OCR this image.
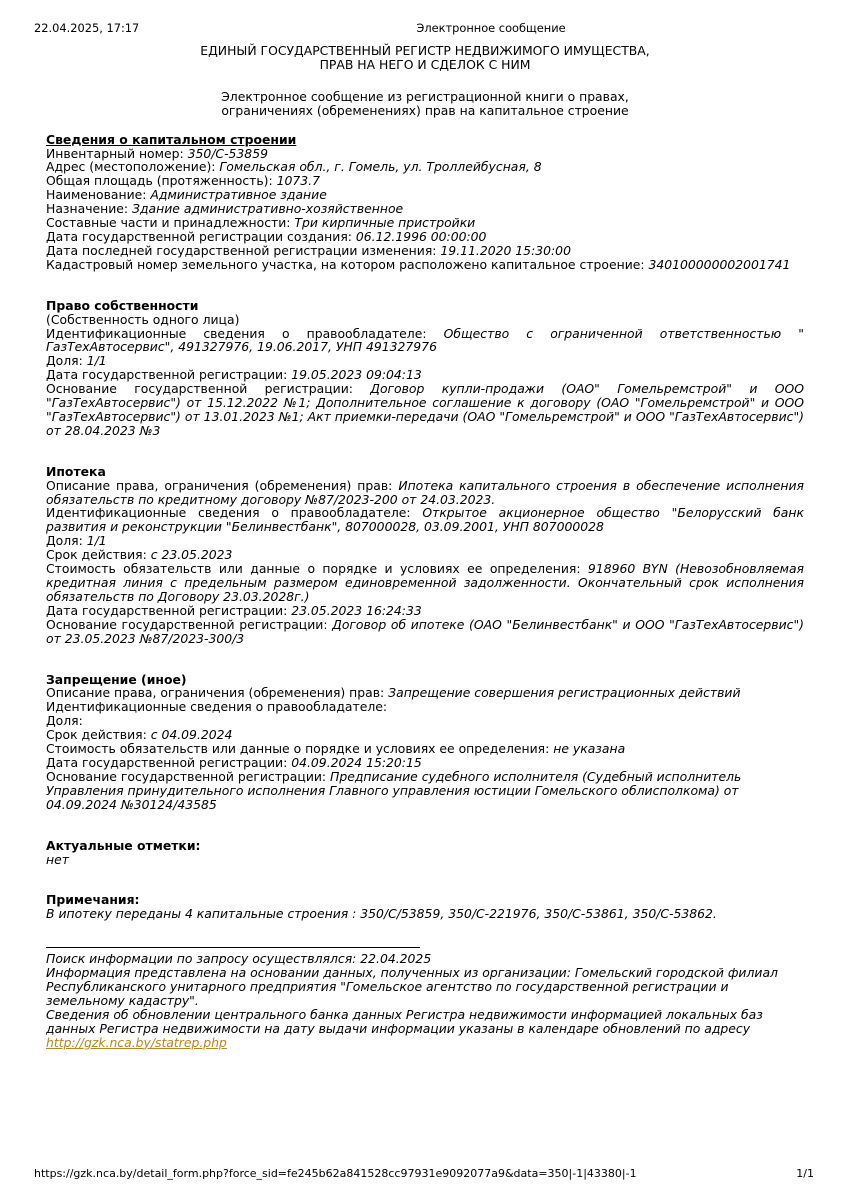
22.04.2025, 17:17	Электронное сообщение
ЕДИНЫЙ ГОСУДАРСТВЕННЫЙ РЕГИСТР НЕДВИЖИМОГО ИМУЩЕСТВА,
ПРАВ НА НЕГО И СДЕЛОК С НИМ
Электронное сообщение из регистрационной книги о правах,
ограничениях (обременениях) прав на капитальное строение
Сведения о капитальном строении
Инвентарный номер: 350/С-53859
Адрес (местоположение): Гомельская обл., г. Гомель, ул. Троллейбусная, 8
Общая площадь (протяженность): 1073.7
Наименование: Административное здание
Назначение: Здание административно-хозяйственное
Составные части и принадлежности: Три кирпичные пристройки
Дата государственной регистрации создания: 06.12.1996 00:00:00
Дата последней государственной регистрации изменения: 19.11.2020 15:30:00
Кадастровый номер земельного участка, на котором расположено капитальное строение: 340100000002001741
Право собственности
(Собственность одного лица)
Идентификационные сведения о правообладателе: Общество с ограниченной ответственностью " ГазТехАвтосервис", 491327976, 19.06.2017, УНП 491327976
Доля: 1/1
Дата государственной регистрации: 19.05.2023 09:04:13
Основание государственной регистрации: Договор купли-продажи (ОАО" Гомельремстрой" и ООО "ГазТехАвтосервис") от 15.12.2022 №1; Дополнительное соглашение к договору (ОАО "Гомельремстрой" и ООО "ГазТехАвтосервис") от 13.01.2023 №1; Акт приемки-передачи (ОАО "Гомельремстрой" и ООО "ГазТехАвтосервис") от 28.04.2023 №3
Ипотека
Описание права, ограничения (обременения) прав: Ипотека капитального строения в обеспечение исполнения обязательств по кредитному договору №87/2023-200 от 24.03.2023.
Идентификационные сведения о правообладателе: Открытое акционерное общество "Белорусский банк развития и реконструкции "Белинвестбанк", 807000028, 03.09.2001, УНП 807000028
Доля: 1/1
Срок действия: с 23.05.2023
Стоимость обязательств или данные о порядке и условиях ее определения: 918960 BYN (Невозобновляемая кредитная линия с предельным размером единовременной задолженности. Окончательный срок исполнения обязательств по Договору 23.03.2028г.)
Дата государственной регистрации: 23.05.2023 16:24:33
Основание государственной регистрации: Договор об ипотеке (ОАО "Белинвестбанк" и ООО "ГазТехАвтосервис") от 23.05.2023 №87/2023-300/3
Запрещение (иное)
Описание права, ограничения (обременения) прав: Запрещение совершения регистрационных действий
Идентификационные сведения о правообладателе:
Доля:
Срок действия: с 04.09.2024
Стоимость обязательств или данные о порядке и условиях ее определения: не указана
Дата государственной регистрации: 04.09.2024 15:20:15
Основание государственной регистрации: Предписание судебного исполнителя (Судебный исполнитель Управления принудительного исполнения Главного управления юстиции Гомельского облисполкома) от 04.09.2024 №30124/43585
Актуальные отметки:
нет
Примечания:
В ипотеку переданы 4 капитальные строения : 350/С/53859, 350/С-221976, 350/С-53861, 350/С-53862.
Поиск информации по запросу осуществлялся: 22.04.2025
Информация представлена на основании данных, полученных из организации: Гомельский городской филиал Республиканского унитарного предприятия "Гомельское агентство по государственной регистрации и земельному кадастру".
Сведения об обновлении центрального банка данных Регистра недвижимости информацией локальных баз данных Регистра недвижимости на дату выдачи информации указаны в календаре обновлений по адресу
http://gzk.nca.by/statrep.php
https://gzk.nca.by/detail_form.php?force_sid=fe245b62a841528cc97931e9092077a9&data=350|-1|43380|-1	1/1
